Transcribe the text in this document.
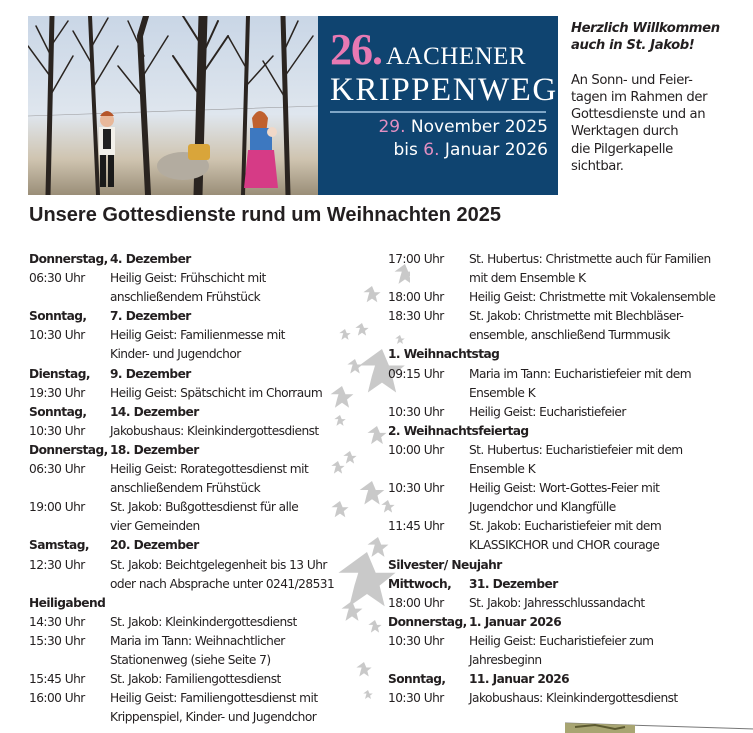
26. AACHENER
KRIPPENWEG
29. November 2025
bis 6. Januar 2026

Herzlich Willkommen

auch in St. Jakob!

An Sonn- und Feier-

tagen im Rahmen der

Gottesdienste und an

Werktagen durch

die Pilgerkapelle

sichtbar.

Unsere Gottesdienste rund um Weihnachten 2025
Donnerstag, 4. Dezember
06:30 Uhr	Heilig Geist: Frühschicht mit
anschließendem Frühstück
Sonntag,	7. Dezember
10:30 Uhr	Heilig Geist: Familienmesse mit
Kinder- und Jugendchor
Dienstag,	9. Dezember
19:30 Uhr	Heilig Geist: Spätschicht im Chorraum
Sonntag,	14. Dezember
10:30 Uhr	Jakobushaus: Kleinkindergottesdienst
Donnerstag, 18. Dezember
06:30 Uhr	Heilig Geist: Rorategottesdienst mit
anschließendem Frühstück
19:00 Uhr	St. Jakob: Bußgottesdienst für alle
vier Gemeinden
Samstag,	20. Dezember
12:30 Uhr	St. Jakob: Beichtgelegenheit bis 13 Uhr
oder nach Absprache unter 0241/28531
Heiligabend
14:30 Uhr	St. Jakob: Kleinkindergottesdienst
15:30 Uhr	Maria im Tann: Weihnachtlicher
Stationenweg (siehe Seite 7)
15:45 Uhr	St. Jakob: Familiengottesdienst
16:00 Uhr	Heilig Geist: Familiengottesdienst mit
Krippenspiel, Kinder- und Jugendchor
17:00 Uhr	St. Hubertus: Christmette auch für Familien
mit dem Ensemble K
18:00 Uhr	Heilig Geist: Christmette mit Vokalensemble
18:30 Uhr	St. Jakob: Christmette mit Blechbläser-
ensemble, anschließend Turmmusik
1. Weihnachtstag
09:15 Uhr	Maria im Tann: Eucharistiefeier mit dem
Ensemble K
10:30 Uhr	Heilig Geist: Eucharistiefeier
2. Weihnachtsfeiertag
10:00 Uhr	St. Hubertus: Eucharistiefeier mit dem
Ensemble K
10:30 Uhr	Heilig Geist: Wort-Gottes-Feier mit
Jugendchor und Klangfülle
11:45 Uhr	St. Jakob: Eucharistiefeier mit dem
KLASSIKCHOR und CHOR courage
Silvester/ Neujahr
Mittwoch,	31. Dezember
18:00 Uhr	St. Jakob: Jahresschlussandacht
Donnerstag, 1. Januar 2026
10:30 Uhr	Heilig Geist: Eucharistiefeier zum
Jahresbeginn
Sonntag,	11. Januar 2026
10:30 Uhr	Jakobushaus: Kleinkindergottesdienst
